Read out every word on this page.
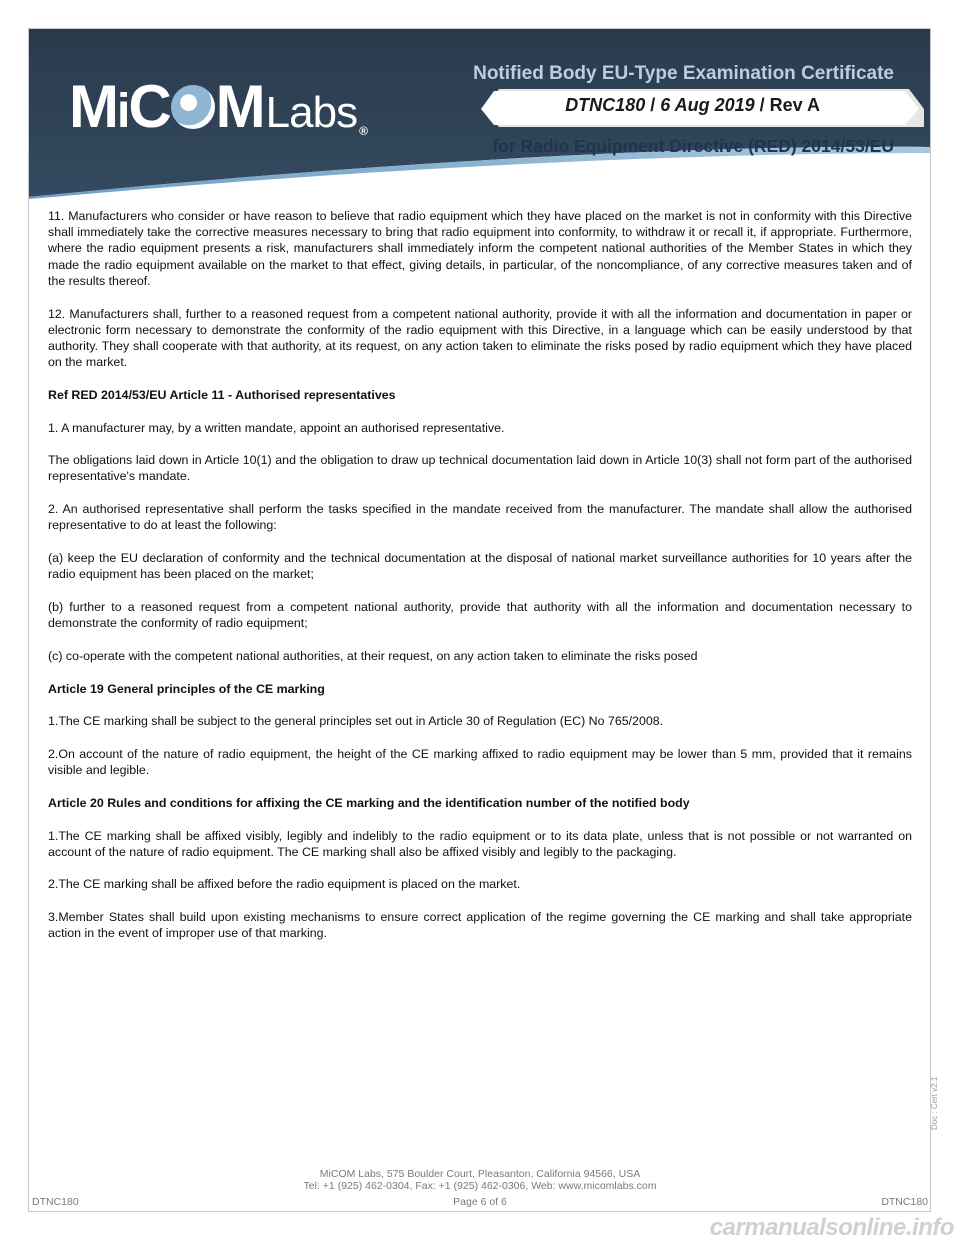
MiC MLabs ®
Notified Body EU-Type Examination Certificate
DTNC180 / 6 Aug 2019 / Rev A
for Radio Equipment Directive (RED) 2014/53/EU

11. Manufacturers who consider or have reason to believe that radio equipment which they have placed on the market is not in conformity with this Directive shall immediately take the corrective measures necessary to bring that radio equipment into conformity, to withdraw it or recall it, if appropriate. Furthermore, where the radio equipment presents a risk, manufacturers shall immediately inform the competent national authorities of the Member States in which they made the radio equipment available on the market to that effect, giving details, in particular, of the noncompliance, of any corrective measures taken and of the results thereof.

12. Manufacturers shall, further to a reasoned request from a competent national authority, provide it with all the information and documentation in paper or electronic form necessary to demonstrate the conformity of the radio equipment with this Directive, in a language which can be easily understood by that authority. They shall cooperate with that authority, at its request, on any action taken to eliminate the risks posed by radio equipment which they have placed on the market.

Ref RED 2014/53/EU Article 11 - Authorised representatives

1. A manufacturer may, by a written mandate, appoint an authorised representative.

The obligations laid down in Article 10(1) and the obligation to draw up technical documentation laid down in Article 10(3) shall not form part of the authorised representative's mandate.

2. An authorised representative shall perform the tasks specified in the mandate received from the manufacturer. The mandate shall allow the authorised representative to do at least the following:

(a) keep the EU declaration of conformity and the technical documentation at the disposal of national market surveillance authorities for 10 years after the radio equipment has been placed on the market;

(b) further to a reasoned request from a competent national authority, provide that authority with all the information and documentation necessary to demonstrate the conformity of radio equipment;

(c) co-operate with the competent national authorities, at their request, on any action taken to eliminate the risks posed

Article 19 General principles of the CE marking

1.The CE marking shall be subject to the general principles set out in Article 30 of Regulation (EC) No 765/2008.

2.On account of the nature of radio equipment, the height of the CE marking affixed to radio equipment may be lower than 5 mm, provided that it remains visible and legible.

Article 20 Rules and conditions for affixing the CE marking and the identification number of the notified body

1.The CE marking shall be affixed visibly, legibly and indelibly to the radio equipment or to its data plate, unless that is not possible or not warranted on account of the nature of radio equipment. The CE marking shall also be affixed visibly and legibly to the packaging.

2.The CE marking shall be affixed before the radio equipment is placed on the market.

3.Member States shall build upon existing mechanisms to ensure correct application of the regime governing the CE marking and shall take appropriate action in the event of improper use of that marking.

Doc : Cert v2.1
MiCOM Labs, 575 Boulder Court, Pleasanton, California 94566, USA
Tel: +1 (925) 462-0304, Fax: +1 (925) 462-0306, Web: www.micomlabs.com
DTNC180	Page 6 of 6	DTNC180
carmanualsonline.info
